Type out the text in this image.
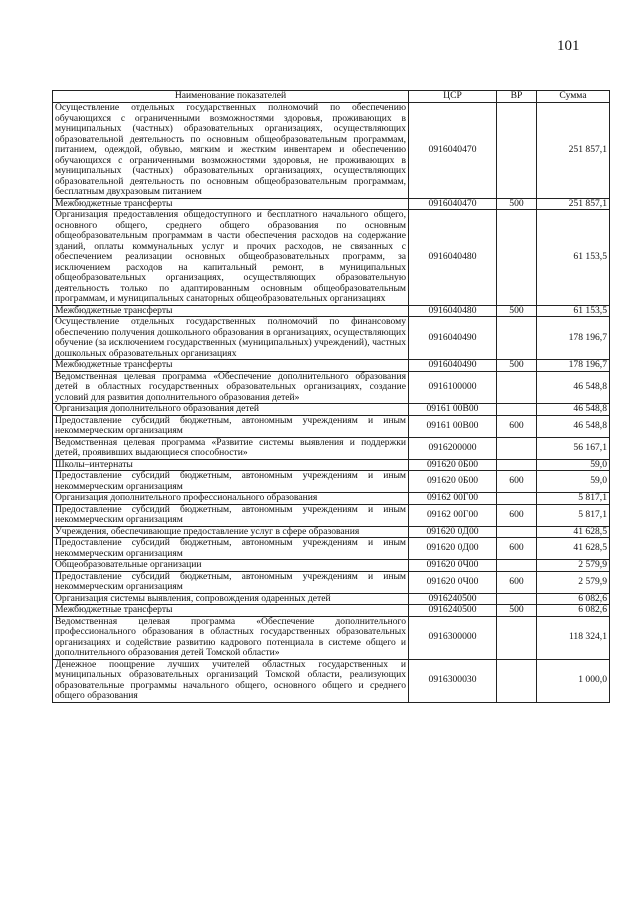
101
Наименование показателей	ЦСР	ВР	Сумма
Осуществление отдельных государственных полномочий по обеспечению обучающихся с ограниченными возможностями здоровья, проживающих в муниципальных (частных) образовательных организациях, осуществляющих образовательной деятельность по основным общеобразовательным программам, питанием, одеждой, обувью, мягким и жестким инвентарем и обеспечению обучающихся с ограниченными возможностями здоровья, не проживающих в муниципальных (частных) образовательных организациях, осуществляющих образовательной деятельность по основным общеобразовательным программам, бесплатным двухразовым питанием	0916040470		251 857,1
Межбюджетные трансферты	0916040470	500	251 857,1
Организация предоставления общедоступного и бесплатного начального общего, основного общего, среднего общего образования по основным общеобразовательным программам в части обеспечения расходов на содержание зданий, оплаты коммунальных услуг и прочих расходов, не связанных с обеспечением реализации основных общеобразовательных программ, за исключением расходов на капитальный ремонт, в муниципальных общеобразовательных организациях, осуществляющих образовательную деятельность только по адаптированным основным общеобразовательным программам, и муниципальных санаторных общеобразовательных организациях	0916040480		61 153,5
Межбюджетные трансферты	0916040480	500	61 153,5
Осуществление отдельных государственных полномочий по финансовому обеспечению получения дошкольного образования в организациях, осуществляющих обучение (за исключением государственных (муниципальных) учреждений), частных дошкольных образовательных организациях	0916040490		178 196,7
Межбюджетные трансферты	0916040490	500	178 196,7
Ведомственная целевая программа «Обеспечение дополнительного образования детей в областных государственных образовательных организациях, создание условий для развития дополнительного образования детей»	0916100000		46 548,8
Организация дополнительного образования детей	09161 00В00		46 548,8
Предоставление субсидий бюджетным, автономным учреждениям и иным некоммерческим организациям	09161 00В00	600	46 548,8
Ведомственная целевая программа «Развитие системы выявления и поддержки детей, проявивших выдающиеся способности»	0916200000		56 167,1
Школы–интернаты	091620 0Б00		59,0
Предоставление субсидий бюджетным, автономным учреждениям и иным некоммерческим организациям	091620 0Б00	600	59,0
Организация дополнительного профессионального образования	09162 00Г00		5 817,1
Предоставление субсидий бюджетным, автономным учреждениям и иным некоммерческим организациям	09162 00Г00	600	5 817,1
Учреждения, обеспечивающие предоставление услуг в сфере образования	091620 0Д00		41 628,5
Предоставление субсидий бюджетным, автономным учреждениям и иным некоммерческим организациям	091620 0Д00	600	41 628,5
Общеобразовательные организации	091620 0Ч00		2 579,9
Предоставление субсидий бюджетным, автономным учреждениям и иным некоммерческим организациям	091620 0Ч00	600	2 579,9
Организация системы выявления, сопровождения одаренных детей	0916240500		6 082,6
Межбюджетные трансферты	0916240500	500	6 082,6
Ведомственная целевая программа «Обеспечение дополнительного профессионального образования в областных государственных образовательных организациях и содействие развитию кадрового потенциала в системе общего и дополнительного образования детей Томской области»	0916300000		118 324,1
Денежное поощрение лучших учителей областных государственных и муниципальных образовательных организаций Томской области, реализующих образовательные программы начального общего, основного общего и среднего общего образования	0916300030		1 000,0
